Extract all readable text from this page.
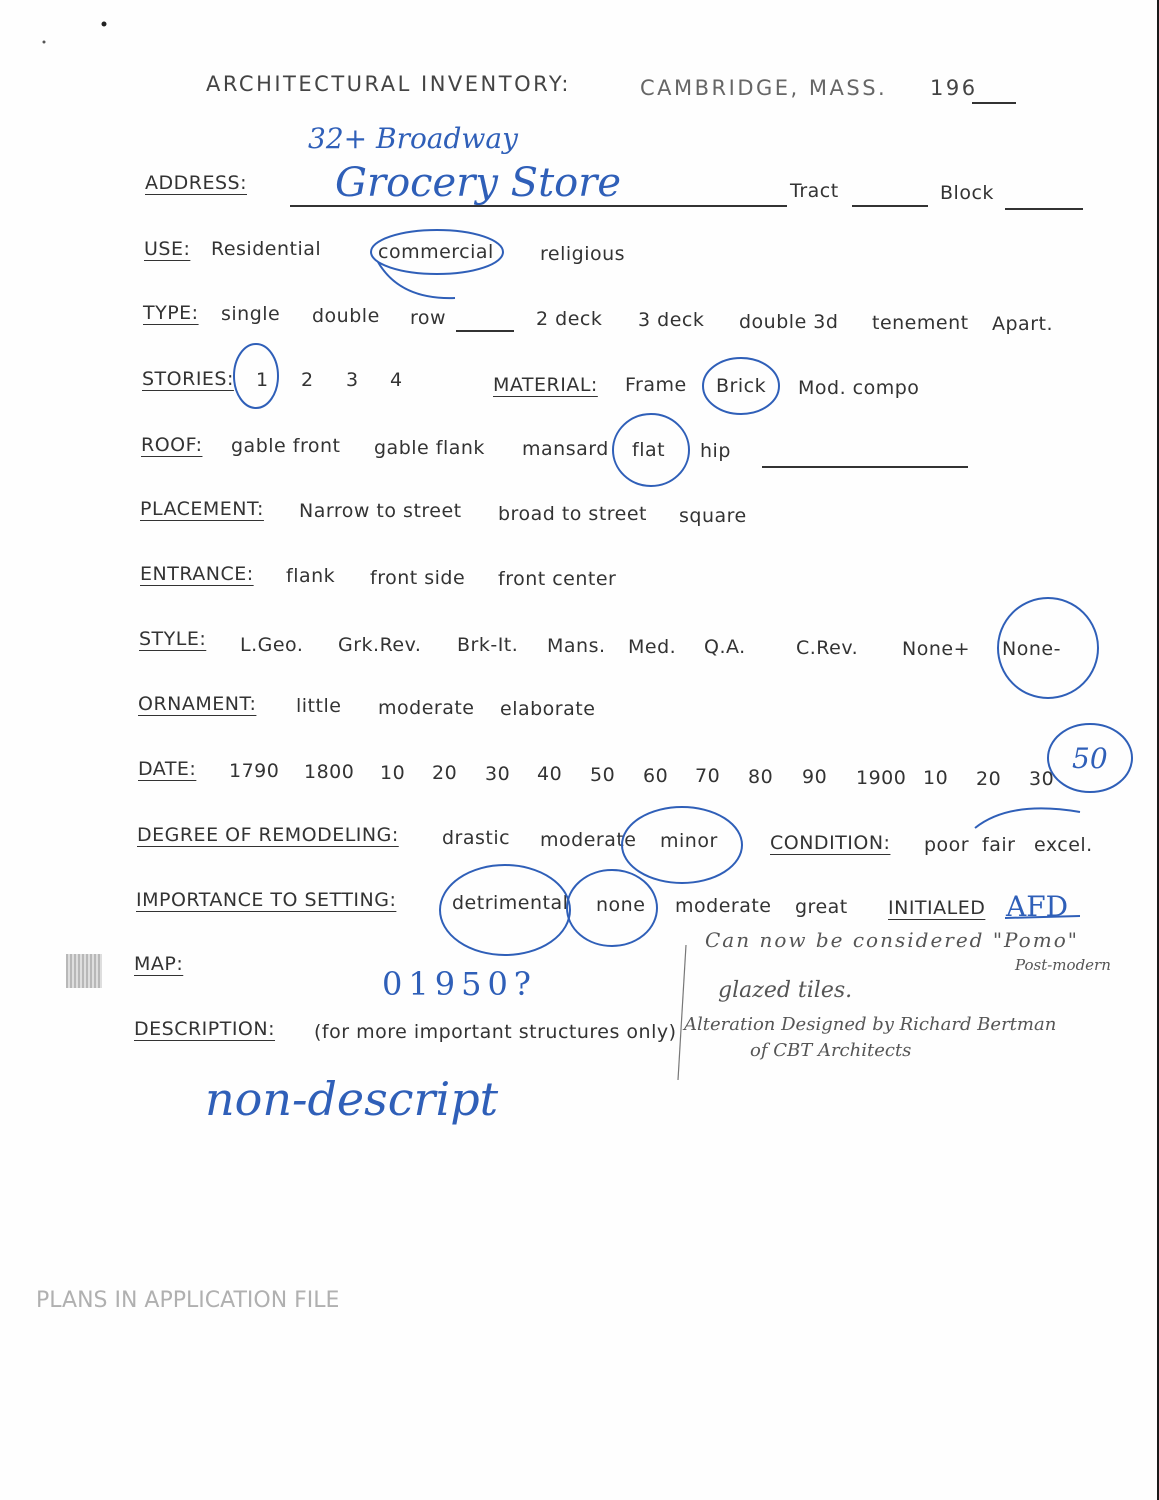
ARCHITECTURAL INVENTORY:	CAMBRIDGE, MASS. 196
32+ Broadway
ADDRESS: Grocery Store	Tract	Block
USE: Residential	commercial religious
TYPE: single double row	2 deck 3 deck double 3d tenement Apart.
STORIES: 1 2 3 4	MATERIAL: Frame Brick Mod. compo
ROOF: gable front gable flank mansard flat hip
PLACEMENT: Narrow to street broad to street square
ENTRANCE: flank front side front center
STYLE: L.Geo. Grk.Rev. Brk-It. Mans. Med. Q.A.	C.Rev. None+ None-
ORNAMENT: little moderate elaborate
DATE: 1790 1800 10 20 30 40 50 60 70 80 90 1900 10 20 30
50
DEGREE OF REMODELING: drastic moderate minor	CONDITION: poor fair excel.
IMPORTANCE TO SETTING:	detrimental none moderate great INITIALED AFD
MAP:
01950?
DESCRIPTION: (for more important structures only)
non-descript
Can now be considered "Pomo"
Post-modern
glazed tiles.
Alteration Designed by Richard Bertman
of CBT Architects
PLANS IN APPLICATION FILE
